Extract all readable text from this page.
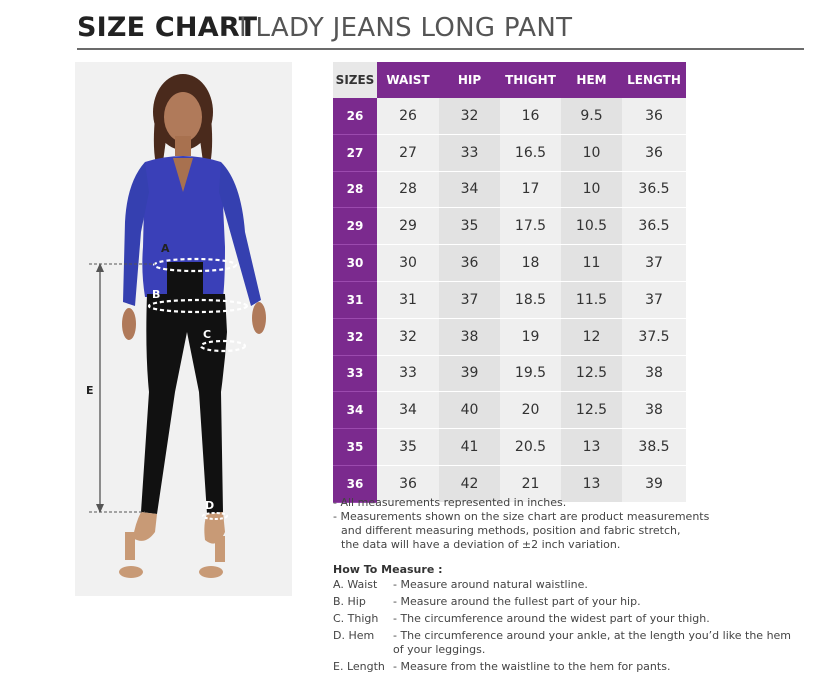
SIZE CHART
I LADY JEANS LONG PANT
A
B
C
D
E
SIZES	WAIST	HIP	THIGHT	HEM	LENGTH
26	26	32	16	9.5	36
27	27	33	16.5	10	36
28	28	34	17	10	36.5
29	29	35	17.5	10.5	36.5
30	30	36	18	11	37
31	31	37	18.5	11.5	37
32	32	38	19	12	37.5
33	33	39	19.5	12.5	38
34	34	40	20	12.5	38
35	35	41	20.5	13	38.5
36	36	42	21	13	39
- All measurements represented in inches.
- Measurements shown on the size chart are product measurements
and different measuring methods, position and fabric stretch,
the data will have a deviation of ±2 inch variation.
How To Measure :
A. Waist	- Measure around natural waistline.
B. Hip	- Measure around the fullest part of your hip.
C. Thigh	- The circumference around the widest part of your thigh.
D. Hem	- The circumference around your ankle, at the length you’d like the hem of your leggings.
E. Length - Measure from the waistline to the hem for pants.
